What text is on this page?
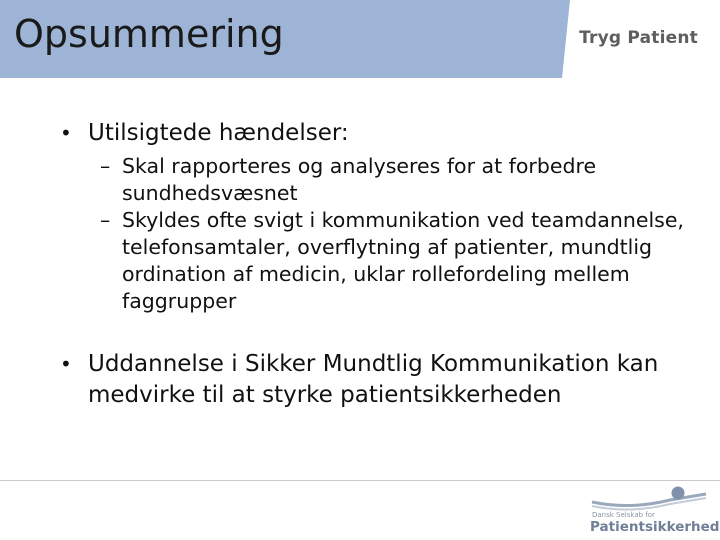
Opsummering	Tryg Patient
• Utilsigtede hændelser:
– Skal rapporteres og analyseres for at forbedre sundhedsvæsnet
– Skyldes ofte svigt i kommunikation ved teamdannelse, telefonsamtaler, overflytning af patienter, mundtlig ordination af medicin, uklar rollefordeling mellem faggrupper
• Uddannelse i Sikker Mundtlig Kommunikation kan medvirke til at styrke patientsikkerheden
Dansk Selskab for
Patientsikkerhed
